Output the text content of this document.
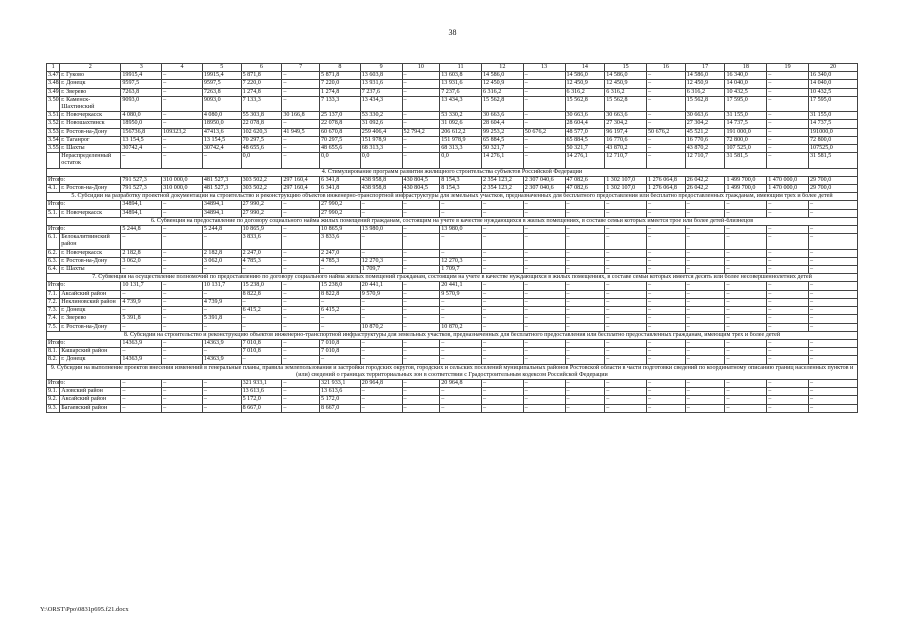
38
1	2	3	4	5	6	7	8	9	10	11	12	13	14	15	16	17	18	19	20
3.47.	г. Гуково	19915,4	–	19915,4	5 871,8	–	5 871,8	13 603,8	–	13 603,8	14 586,0	–	14 586,0	14 586,0	–	14 586,0	16 340,0	–	16 340,0
3.48.	г. Донецк	9597,5	–	9597,5	7 220,0	–	7 220,0	13 931,6	–	13 931,6	12 450,9	–	12 450,9	12 450,9	–	12 450,9	14 040,0	–	14 040,0
3.49.	г. Зверево	7263,8	–	7263,8	1 274,8	–	1 274,8	7 237,6	–	7 237,6	6 316,2	–	6 316,2	6 316,2	–	6 316,2	10 432,5	–	10 432,5
3.50.	г. Каменск-Шахтинский	9093,0	–	9093,0	7 133,3	–	7 133,3	13 434,3	–	13 434,3	15 562,8	–	15 562,8	15 562,8	–	15 562,8	17 595,0	–	17 595,0
3.51.	г. Новочеркасск	4 080,0	–	4 080,0	55 303,8	30 166,8	25 137,0	53 330,2	–	53 330,2	30 663,6	–	30 663,6	30 663,6	–	30 663,6	31 155,0	–	31 155,0
3.52.	г. Новошахтинск	18950,0	–	18950,0	22 078,8	–	22 078,8	31 092,6	–	31 092,6	28 604,4	–	28 604,4	27 304,2	–	27 304,2	14 737,5	–	14 737,5
3.53.	г. Ростов-на-Дону	156736,8	109323,2	47413,6	102 620,3	41 949,5	60 670,8	259 406,4	52 794,2	206 612,2	99 253,2	50 676,2	48 577,0	96 197,4	50 676,2	45 521,2	191 000,0	–	191000,0
3.54.	г. Таганрог	13 154,5	–	13 154,5	70 297,5	–	70 297,5	151 978,9	–	151 978,9	65 884,5	–	65 884,5	16 770,6	–	16 770,6	72 800,0	–	72 800,0
3.55.	г. Шахты	30742,4	–	30742,4	48 655,6	–	48 655,6	68 313,3	–	68 313,3	50 321,7	–	50 321,7	43 870,2	–	43 870,2	107 525,0	–	107525,0
	Нераспределенный остаток	–	–	–	0,0	–	0,0	0,0	–	0,0	14 276,1	–	14 276,1	12 710,7	–	12 710,7	31 581,5	–	31 581,5
4. Стимулирование программ развития жилищного строительства субъектов Российской Федерации																			
Итого:		791 527,3	310 000,0	481 527,3	303 502,2	297 160,4	6 341,8	438 958,8	430 804,5	8 154,3	2 354 123,2	2 307 040,6	47 082,6	1 302 107,0	1 276 064,8	26 042,2	1 499 700,0	1 470 000,0	29 700,0
4.1.	г. Ростов-на-Дону	791 527,3	310 000,0	481 527,3	303 502,2	297 160,4	6 341,8	438 958,8	430 804,5	8 154,3	2 354 123,2	2 307 040,6	47 082,6	1 302 107,0	1 276 064,8	26 042,2	1 499 700,0	1 470 000,0	29 700,0
5. Субсидии на разработку проектной документации на строительство и реконструкцию объектов инженерно-транспортной инфраструктуры для земельных участков, предназначенных для бесплатного предоставления или бесплатно предоставленных гражданам, имеющим трех и более детей																			
Итого:		34894,1	–	34894,1	27 990,2	–	27 990,2	–	–	–	–	–	–	–	–	–	–	–	–
5.1.	г. Новочеркасск	34894,1	–	34894,1	27 990,2	–	27 990,2	–	–	–	–	–	–	–	–	–	–	–	–
6. Субвенция на предоставление по договору социального найма жилых помещений гражданам, состоящим на учете в качестве нуждающихся в жилых помещениях, в составе семьи которых имеется трое или более детей-близнецов																			
Итого:		5 244,8	–	5 244,8	10 865,9	–	10 865,9	13 980,0	–	13 980,0	–	–	–	–	–	–	–	–	–
6.1.	Белокалитвинский район	–	–	–	3 833,6	–	3 833,6	–	–	–	–	–	–	–	–	–	–	–	–
6.2.	г. Новочеркасск	2 182,8	–	2 182,8	2 247,0	–	2 247,0	–	–	–	–	–	–	–	–	–	–	–	–
6.3.	г. Ростов-на-Дону	3 062,0	–	3 062,0	4 785,3	–	4 785,3	12 270,3	–	12 270,3	–	–	–	–	–	–	–	–	–
6.4.	г. Шахты	–	–	–	–	–	–	1 709,7	–	1 709,7	–	–	–	–	–	–	–	–	–
7. Субвенция на осуществление полномочий по предоставлению по договору социального найма жилых помещений гражданам, состоящим на учете в качестве нуждающихся в жилых помещениях, в составе семьи которых имеется десять или более несовершеннолетних детей																			
Итого:		10 131,7	–	10 131,7	15 238,0	–	15 238,0	20 441,1	–	20 441,1	–	–	–	–	–	–	–	–	–
7.1.	Аксайский район	–	–	–	8 822,8	–	8 822,8	9 570,9	–	9 570,9	–	–	–	–	–	–	–	–	–
7.2.	Неклиновский район	4 739,9	–	4 739,9	–	–	–	–	–	–	–	–	–	–	–	–	–	–	–
7.3.	г. Донецк	–	–	–	6 415,2	–	6 415,2	–	–	–	–	–	–	–	–	–	–	–	–
7.4.	г. Зверево	5 391,8	–	5 391,8	–	–	–	–	–	–	–	–	–	–	–	–	–	–	–
7.5.	г. Ростов-на-Дону	–	–	–	–	–	–	10 870,2	–	10 870,2	–	–	–	–	–	–	–	–	–
8. Субсидии на строительство и реконструкцию объектов инженерно-транспортной инфраструктуры для земельных участков, предназначенных для бесплатного предоставления или бесплатно предоставленных гражданам, имеющим трех и более детей																			
Итого:		14363,9	–	14363,9	7 010,8	–	7 010,8	–	–	–	–	–	–	–	–	–	–	–	–
8.1.	Кашарский район	–	–	–	7 010,8	–	7 010,8	–	–	–	–	–	–	–	–	–	–	–	–
8.2.	г. Донецк	14363,9	–	14363,9	–	–	–	–	–	–	–	–	–	–	–	–	–	–	–
9. Субсидии на выполнение проектов внесения изменений в генеральные планы, правила землепользования и застройки городских округов, городских и сельских поселений муниципальных районов Ростовской области в части подготовки сведений по координатному описанию границ населенных пунктов и (или) сведений о границах территориальных зон в соответствии с Градостроительным кодексом Российской Федерации																			
Итого:		–	–	–	321 933,1	–	321 933,1	20 964,8	–	20 964,8	–	–	–	–	–	–	–	–	–
9.1.	Азовский район	–	–	–	13 613,6	–	13 613,6	–	–	–	–	–	–	–	–	–	–	–	–
9.2.	Аксайский район	–	–	–	5 172,0	–	5 172,0	–	–	–	–	–	–	–	–	–	–	–	–
9.3.	Багаевский район	–	–	–	8 667,0	–	8 667,0	–	–	–	–	–	–	–	–	–	–	–	–
Y:\ORST\Ppo\0831p695.f21.docx
